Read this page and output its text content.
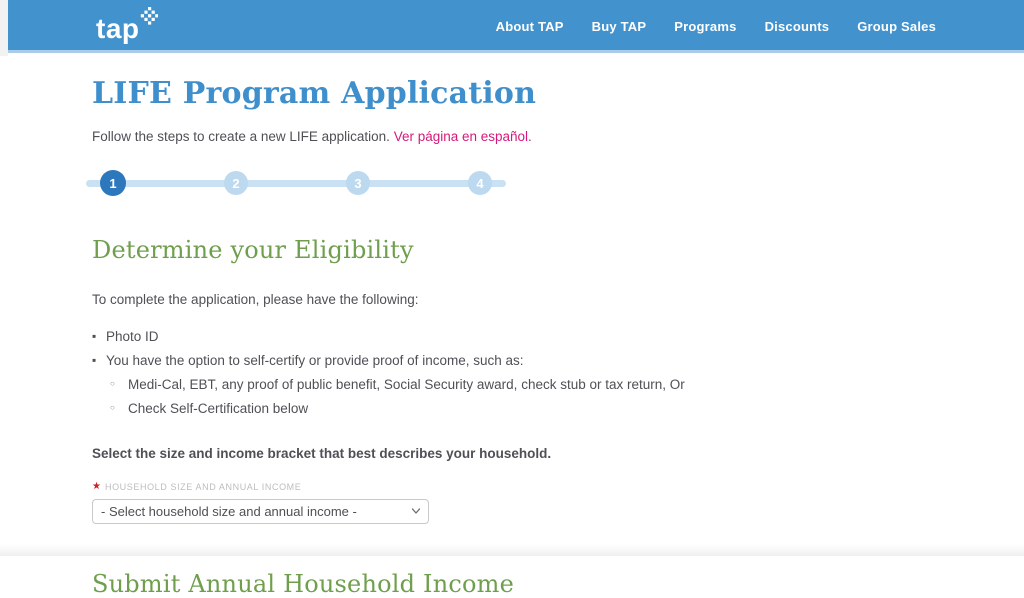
tap	About TAP Buy TAP Programs Discounts Group Sales
LIFE Program Application

Follow the steps to create a new LIFE application. Ver página en español.

1	2	3	4
Determine your Eligibility

To complete the application, please have the following:

▪ Photo ID
▪ You have the option to self-certify or provide proof of income, such as:
○ Medi-Cal, EBT, any proof of public benefit, Social Security award, check stub or tax return, Or
○ Check Self-Certification below

Select the size and income bracket that best describes your household.

★ HOUSEHOLD SIZE AND ANNUAL INCOME
- Select household size and annual income -
Submit Annual Household Income
